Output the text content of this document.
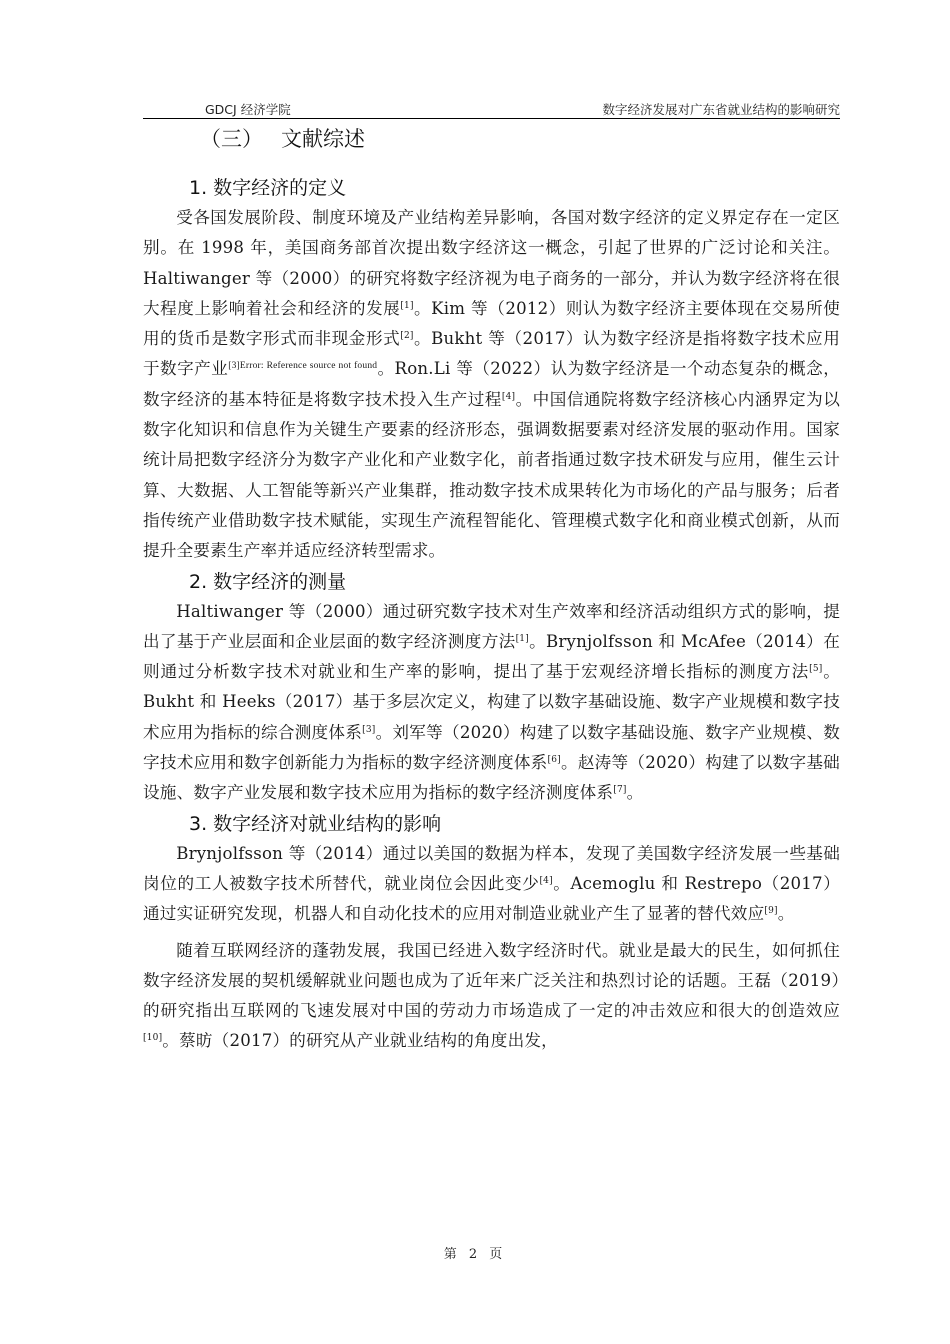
GDCJ 经济学院	数字经济发展对广东省就业结构的影响研究
（三） 文献综述
1. 数字经济的定义

受各国发展阶段、制度环境及产业结构差异影响，各国对数字经济的定义界定存在一定区别。在 1998 年，美国商务部首次提出数字经济这一概念，引起了世界的广泛讨论和关注。Haltiwanger 等（2000）的研究将数字经济视为电子商务的一部分，并认为数字经济将在很大程度上影响着社会和经济的发展[1]。Kim 等（2012）则认为数字经济主要体现在交易所使用的货币是数字形式而非现金形式[2]。Bukht 等（2017）认为数字经济是指将数字技术应用于数字产业$^{[3]Error: Reference source not found}$。Ron.Li 等（2022）认为数字经济是一个动态复杂的概念，数字经济的基本特征是将数字技术投入生产过程[4]。中国信通院将数字经济核心内涵界定为以数字化知识和信息作为关键生产要素的经济形态，强调数据要素对经济发展的驱动作用。国家统计局把数字经济分为数字产业化和产业数字化，前者指通过数字技术研发与应用，催生云计算、大数据、人工智能等新兴产业集群，推动数字技术成果转化为市场化的产品与服务；后者指传统产业借助数字技术赋能，实现生产流程智能化、管理模式数字化和商业模式创新，从而提升全要素生产率并适应经济转型需求。

2. 数字经济的测量

Haltiwanger 等（2000）通过研究数字技术对生产效率和经济活动组织方式的影响，提出了基于产业层面和企业层面的数字经济测度方法[1]。Brynjolfsson 和 McAfee（2014）在则通过分析数字技术对就业和生产率的影响，提出了基于宏观经济增长指标的测度方法[5]。Bukht 和 Heeks（2017）基于多层次定义，构建了以数字基础设施、数字产业规模和数字技术应用为指标的综合测度体系[3]。刘军等（2020）构建了以数字基础设施、数字产业规模、数字技术应用和数字创新能力为指标的数字经济测度体系[6]。赵涛等（2020）构建了以数字基础设施、数字产业发展和数字技术应用为指标的数字经济测度体系[7]。

3. 数字经济对就业结构的影响

Brynjolfsson 等（2014）通过以美国的数据为样本，发现了美国数字经济发展一些基础岗位的工人被数字技术所替代，就业岗位会因此变少[4]。Acemoglu 和 Restrepo（2017）通过实证研究发现，机器人和自动化技术的应用对制造业就业产生了显著的替代效应[9]。

随着互联网经济的蓬勃发展，我国已经进入数字经济时代。就业是最大的民生，如何抓住数字经济发展的契机缓解就业问题也成为了近年来广泛关注和热烈讨论的话题。王磊（2019）的研究指出互联网的飞速发展对中国的劳动力市场造成了一定的冲击效应和很大的创造效应[10]。蔡昉（2017）的研究从产业就业结构的角度出发，

第 2 页
